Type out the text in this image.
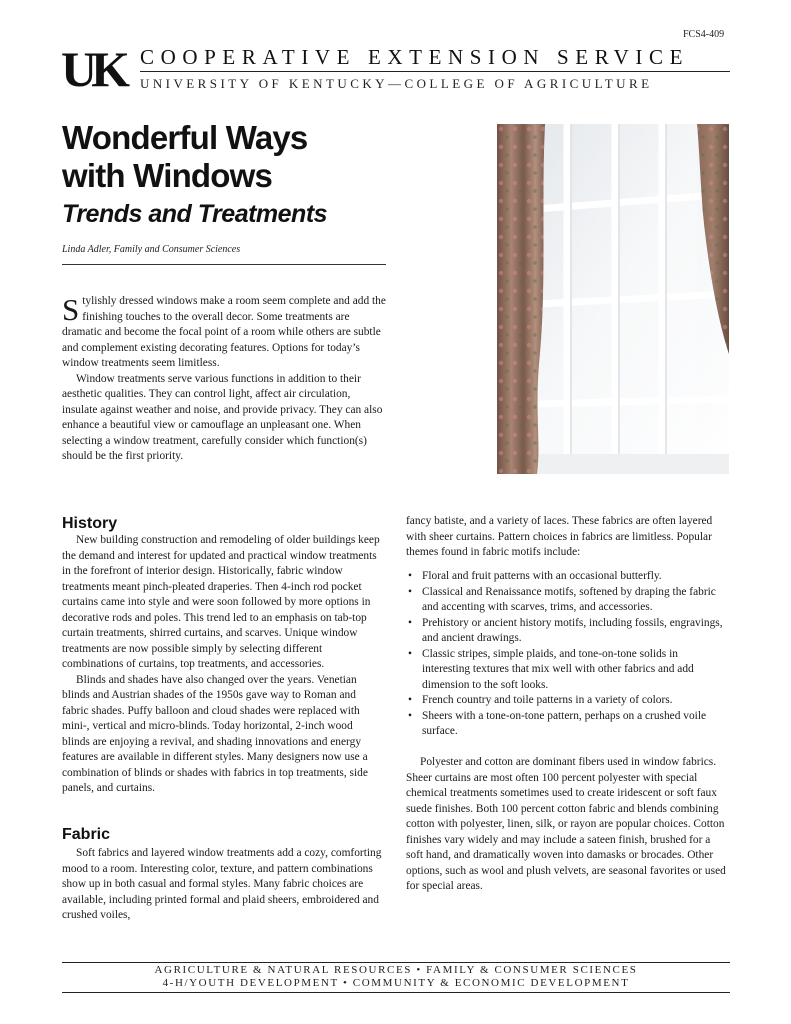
FCS4-409
UK COOPERATIVE EXTENSION SERVICE
UNIVERSITY OF KENTUCKY—COLLEGE OF AGRICULTURE
Wonderful Ways
with Windows
Trends and Treatments
Linda Adler, Family and Consumer Sciences

Stylishly dressed windows make a room seem complete and add the finishing touches to the overall decor. Some treatments are dramatic and become the focal point of a room while others are subtle and complement existing decorating features. Options for today’s window treatments seem limitless.

Window treatments serve various functions in addition to their aesthetic qualities. They can control light, affect air circulation, insulate against weather and noise, and provide privacy. They can also enhance a beautiful view or camouflage an unpleasant one. When selecting a window treatment, carefully consider which function(s) should be the first priority.

History

New building construction and remodeling of older buildings keep the demand and interest for updated and practical window treatments in the forefront of interior design. Historically, fabric window treatments meant pinch-pleated draperies. Then 4-inch rod pocket curtains came into style and were soon followed by more options in decorative rods and poles. This trend led to an emphasis on tab-top curtain treatments, shirred curtains, and scarves. Unique window treatments are now possible simply by selecting different combinations of curtains, top treatments, and accessories.

Blinds and shades have also changed over the years. Venetian blinds and Austrian shades of the 1950s gave way to Roman and fabric shades. Puffy balloon and cloud shades were replaced with mini-, vertical and micro-blinds. Today horizontal, 2-inch wood blinds are enjoying a revival, and shading innovations and energy features are available in different styles. Many designers now use a combination of blinds or shades with fabrics in top treatments, side panels, and curtains.

Fabric

Soft fabrics and layered window treatments add a cozy, comforting mood to a room. Interesting color, texture, and pattern combinations show up in both casual and formal styles. Many fabric choices are available, including printed formal and plaid sheers, embroidered and crushed voiles,

fancy batiste, and a variety of laces. These fabrics are often layered with sheer curtains. Pattern choices in fabrics are limitless. Popular themes found in fabric motifs include:

• Floral and fruit patterns with an occasional butterfly.
• Classical and Renaissance motifs, softened by draping the fabric and accenting with scarves, trims, and accessories.
• Prehistory or ancient history motifs, including fossils, engravings, and ancient drawings.
• Classic stripes, simple plaids, and tone-on-tone solids in interesting textures that mix well with other fabrics and add dimension to the soft looks.
• French country and toile patterns in a variety of colors.
• Sheers with a tone-on-tone pattern, perhaps on a crushed voile surface.

Polyester and cotton are dominant fibers used in window fabrics. Sheer curtains are most often 100 percent polyester with special chemical treatments sometimes used to create iridescent or soft faux suede finishes. Both 100 percent cotton fabric and blends combining cotton with polyester, linen, silk, or rayon are popular choices. Cotton finishes vary widely and may include a sateen finish, brushed for a soft hand, and dramatically woven into damasks or brocades. Other options, such as wool and plush velvets, are seasonal favorites or used for special areas.

AGRICULTURE & NATURAL RESOURCES • FAMILY & CONSUMER SCIENCES
4-H/YOUTH DEVELOPMENT • COMMUNITY & ECONOMIC DEVELOPMENT
